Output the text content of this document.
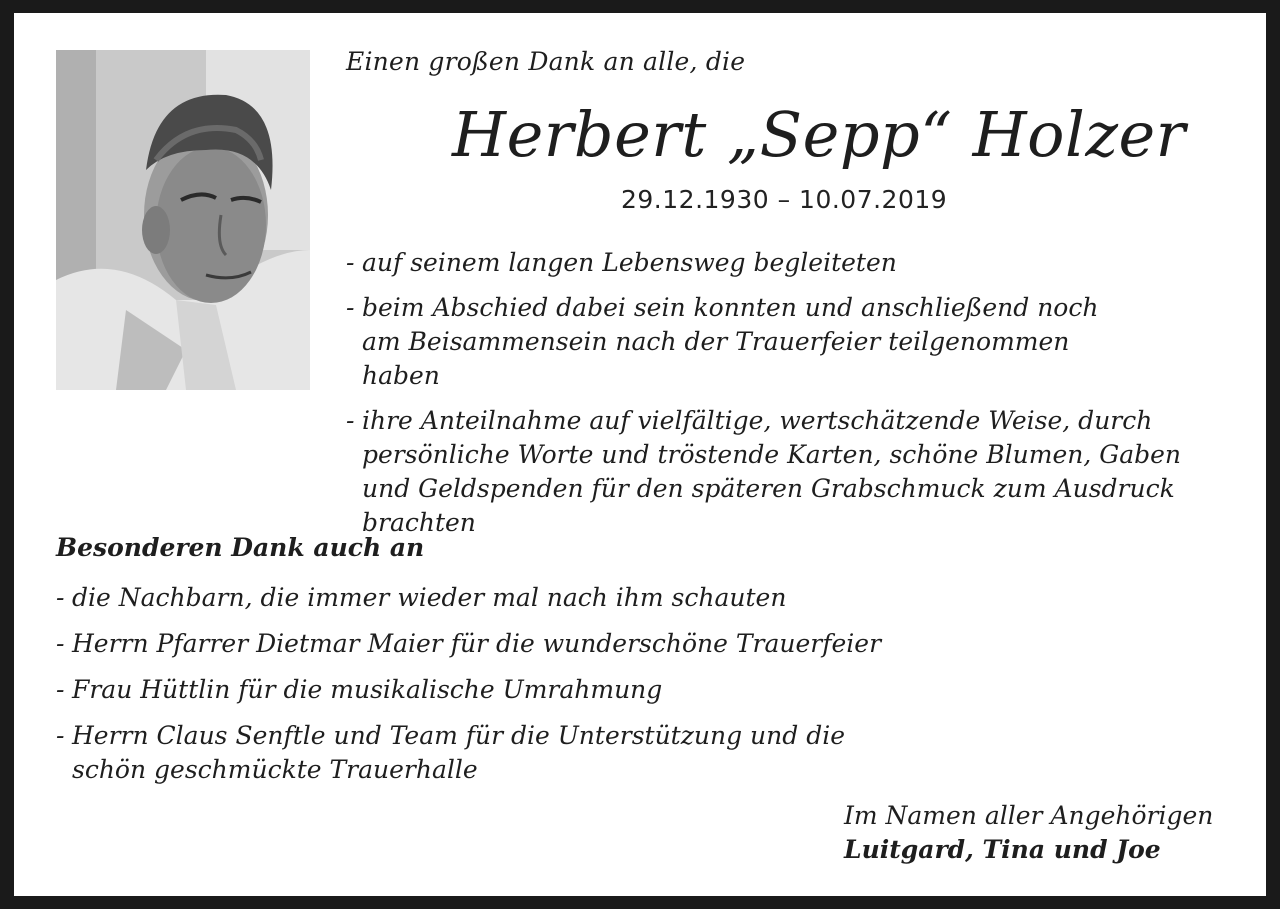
Einen großen Dank an alle, die
Herbert „Sepp“ Holzer
29.12.1930 – 10.07.2019
- auf seinem langen Lebensweg begleiteten
- beim Abschied dabei sein konnten und anschließend noch am Beisammensein nach der Trauerfeier teilgenommen haben
- ihre Anteilnahme auf vielfältige, wertschätzende Weise, durch persönliche Worte und tröstende Karten, schöne Blumen, Gaben und Geldspenden für den späteren Grabschmuck zum Ausdruck brachten
Besonderen Dank auch an
- die Nachbarn, die immer wieder mal nach ihm schauten
- Herrn Pfarrer Dietmar Maier für die wunderschöne Trauerfeier
- Frau Hüttlin für die musikalische Umrahmung
- Herrn Claus Senftle und Team für die Unterstützung und die schön geschmückte Trauerhalle
Im Namen aller Angehörigen
Luitgard, Tina und Joe
